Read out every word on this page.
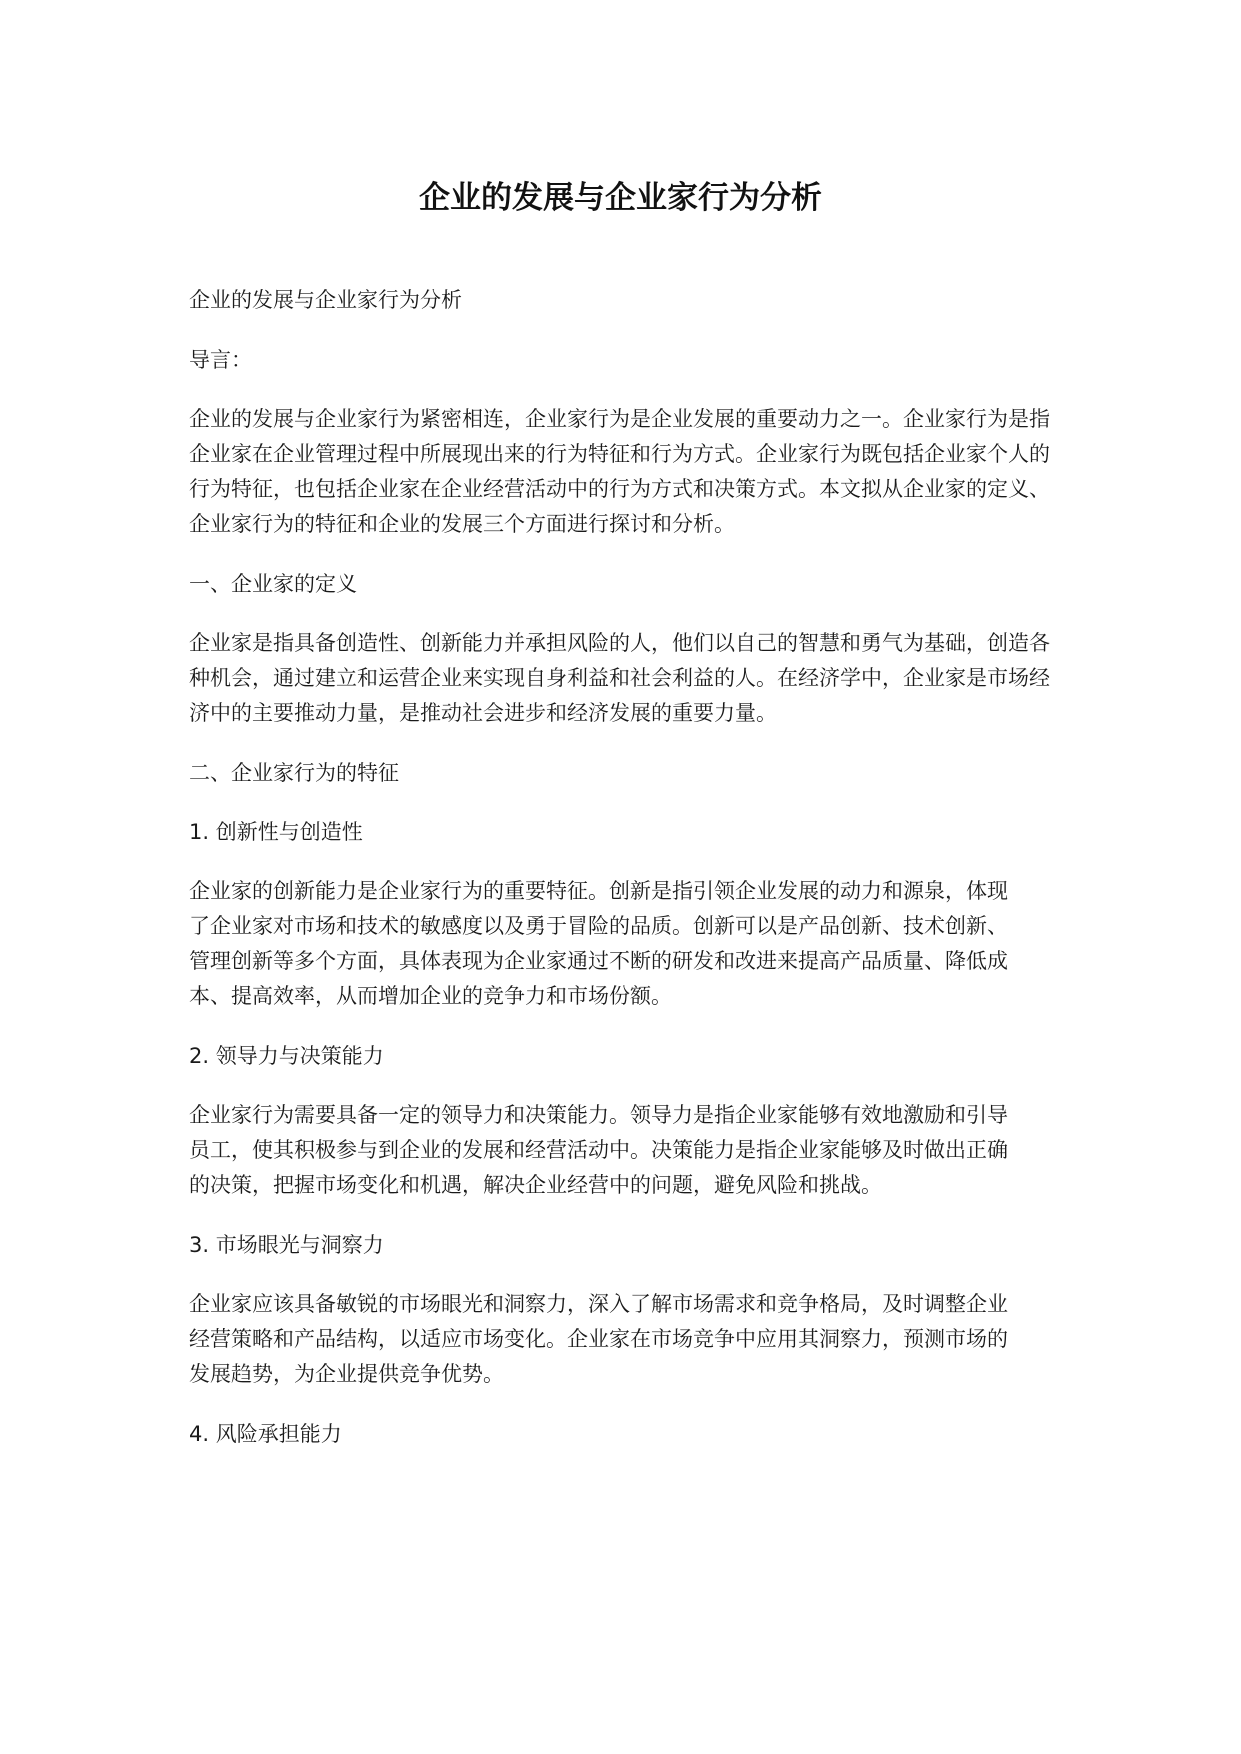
企业的发展与企业家行为分析

企业的发展与企业家行为分析

导言：

企业的发展与企业家行为紧密相连，企业家行为是企业发展的重要动力之一。企业家行为是指企业家在企业管理过程中所展现出来的行为特征和行为方式。企业家行为既包括企业家个人的行为特征，也包括企业家在企业经营活动中的行为方式和决策方式。本文拟从企业家的定义、企业家行为的特征和企业的发展三个方面进行探讨和分析。

一、企业家的定义

企业家是指具备创造性、创新能力并承担风险的人，他们以自己的智慧和勇气为基础，创造各种机会，通过建立和运营企业来实现自身利益和社会利益的人。在经济学中，企业家是市场经济中的主要推动力量，是推动社会进步和经济发展的重要力量。

二、企业家行为的特征

1. 创新性与创造性

企业家的创新能力是企业家行为的重要特征。创新是指引领企业发展的动力和源泉，体现了企业家对市场和技术的敏感度以及勇于冒险的品质。创新可以是产品创新、技术创新、管理创新等多个方面，具体表现为企业家通过不断的研发和改进来提高产品质量、降低成本、提高效率，从而增加企业的竞争力和市场份额。

2. 领导力与决策能力

企业家行为需要具备一定的领导力和决策能力。领导力是指企业家能够有效地激励和引导员工，使其积极参与到企业的发展和经营活动中。决策能力是指企业家能够及时做出正确的决策，把握市场变化和机遇，解决企业经营中的问题，避免风险和挑战。

3. 市场眼光与洞察力

企业家应该具备敏锐的市场眼光和洞察力，深入了解市场需求和竞争格局，及时调整企业经营策略和产品结构，以适应市场变化。企业家在市场竞争中应用其洞察力，预测市场的发展趋势，为企业提供竞争优势。

4. 风险承担能力
